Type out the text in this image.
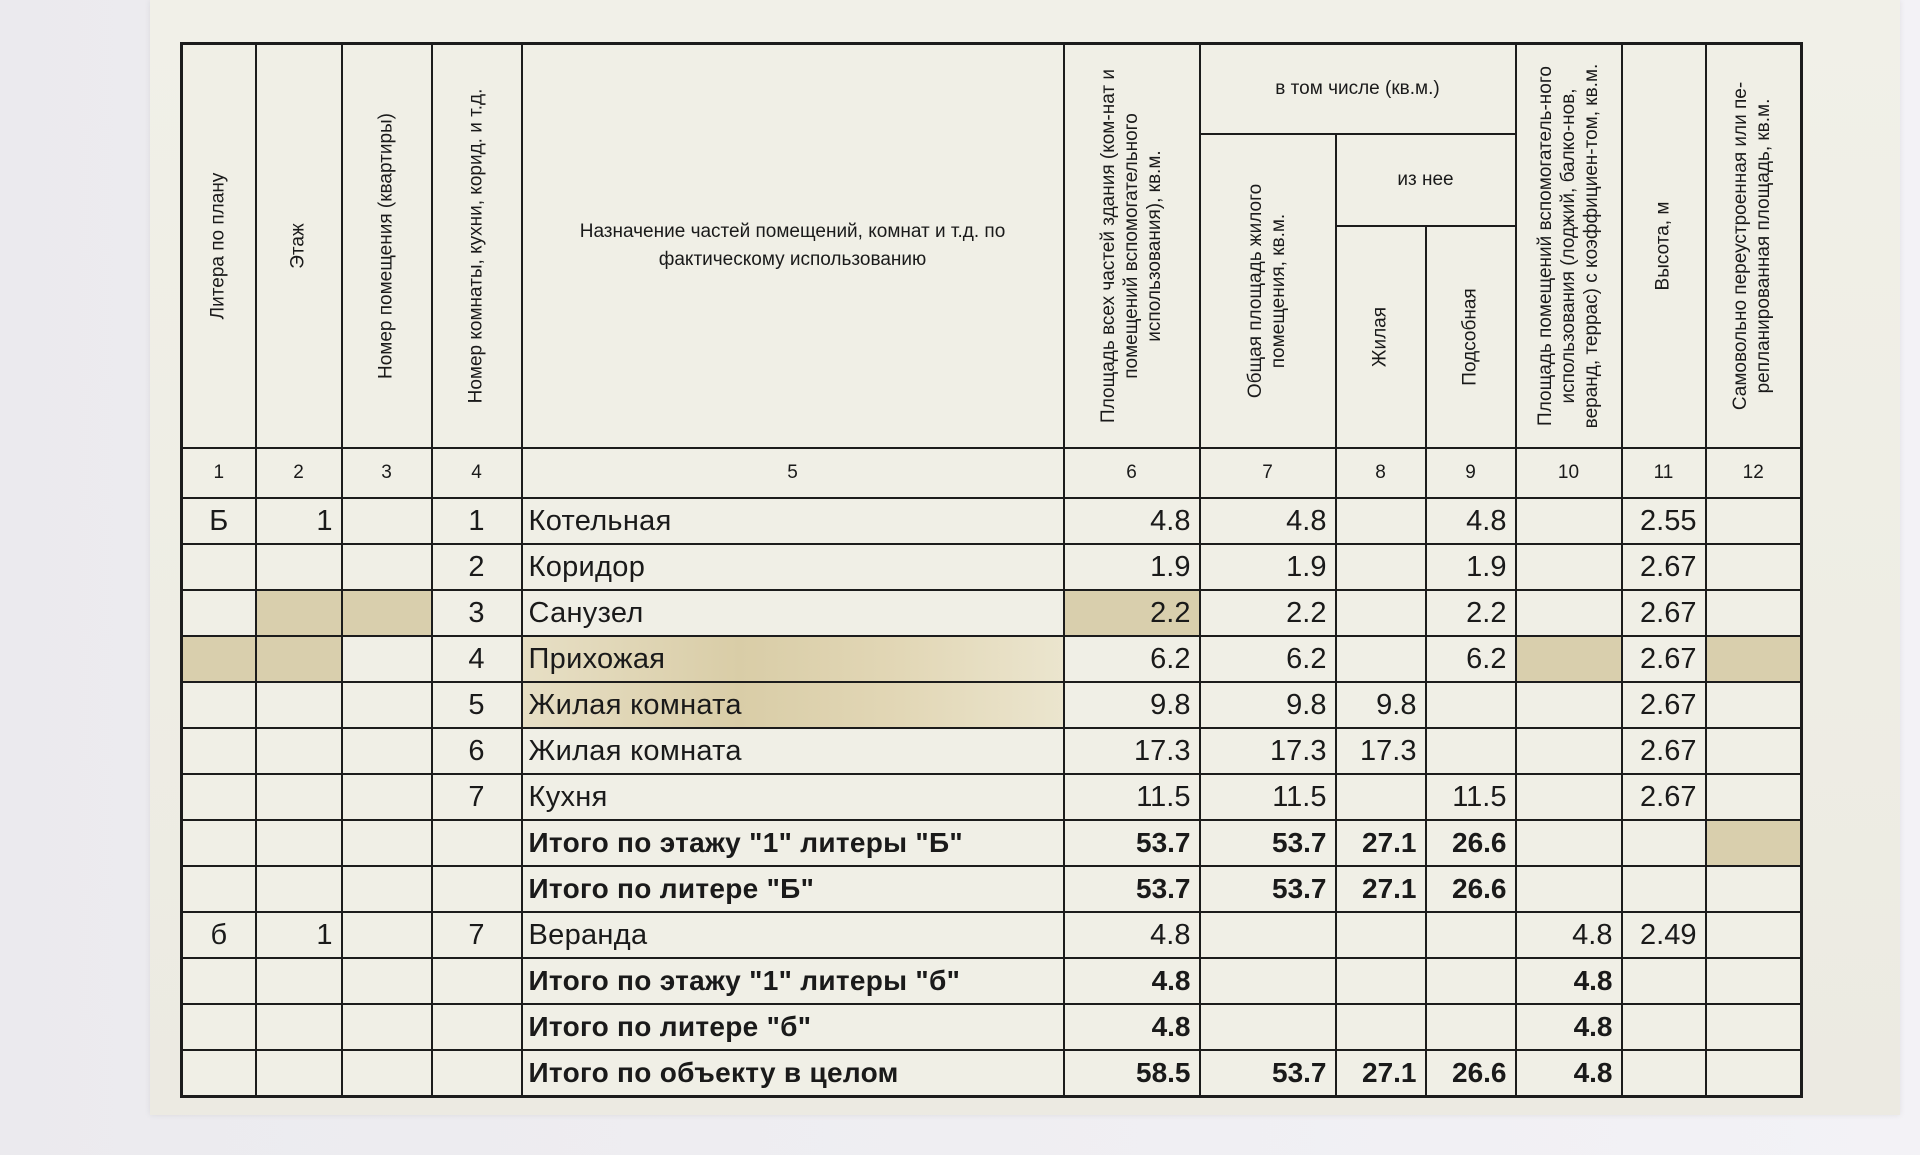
Литера по плану	Этаж	Номер помещения (квартиры)	Номер комнаты, кухни, корид. и т.д.	Назначение частей помещений, комнат и т.д. по фактическому использованию	Площадь всех частей здания (ком-нат и помещений вспомогательного использования), кв.м.	в том числе (кв.м.)			Площадь помещений вспомогатель-ного использования (лоджий, балко-нов, веранд, террас) с коэффициен-том, кв.м.	Высота, м	Самовольно переустроенная или пе-репланированная площадь, кв.м.

						Общая площадь жилого помещения, кв.м.	из нее				

							Жилая	Подсобная			

1	2	3	4	5	6	7	8	9	10	11	12
Б	1		1	Котельная	4.8	4.8		4.8		2.55	
			2	Коридор	1.9	1.9		1.9		2.67	
			3	Санузел	2.2	2.2		2.2		2.67	
			4	Прихожая	6.2	6.2		6.2		2.67	
			5	Жилая комната	9.8	9.8	9.8			2.67	
			6	Жилая комната	17.3	17.3	17.3			2.67	
			7	Кухня	11.5	11.5		11.5		2.67	
				Итого по этажу "1" литеры "Б"	53.7	53.7	27.1	26.6			
				Итого по литере "Б"	53.7	53.7	27.1	26.6			
б	1		7	Веранда	4.8				4.8	2.49	
				Итого по этажу "1" литеры "б"	4.8				4.8		
				Итого по литере "б"	4.8				4.8		
				Итого по объекту в целом	58.5	53.7	27.1	26.6	4.8		
